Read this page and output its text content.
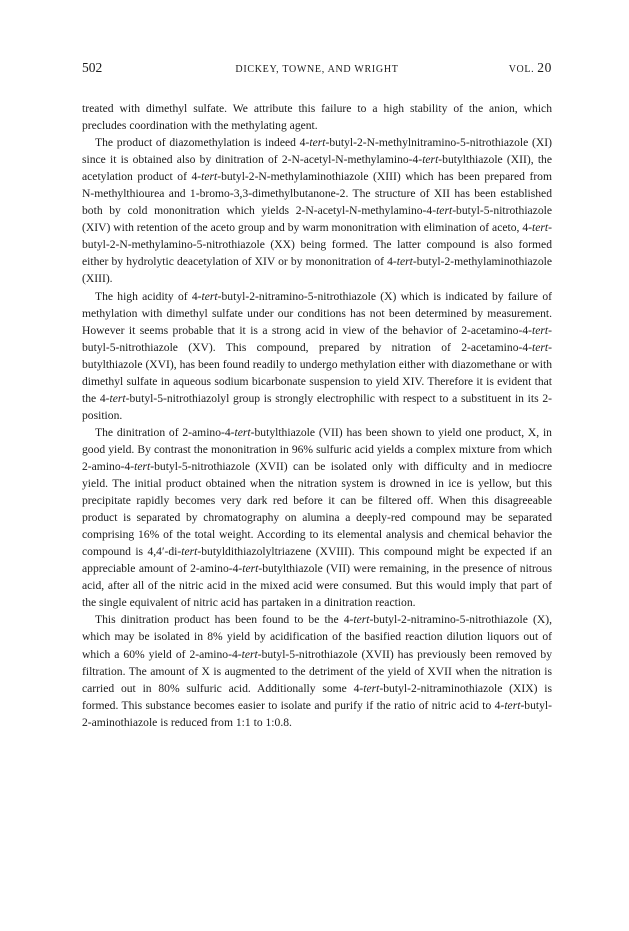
502	DICKEY, TOWNE, AND WRIGHT	VOL. 20

treated with dimethyl sulfate. We attribute this failure to a high stability of the anion, which precludes coordination with the methylating agent.

The product of diazomethylation is indeed 4-tert-butyl-2-N-methylnitramino-5-nitrothiazole (XI) since it is obtained also by dinitration of 2-N-acetyl-N-methylamino-4-tert-butylthiazole (XII), the acetylation product of 4-tert-butyl-2-N-methylaminothiazole (XIII) which has been prepared from N-methylthiourea and 1-bromo-3,3-dimethylbutanone-2. The structure of XII has been established both by cold mononitration which yields 2-N-acetyl-N-methylamino-4-tert-butyl-5-nitrothiazole (XIV) with retention of the aceto group and by warm mononitration with elimination of aceto, 4-tert-butyl-2-N-methylamino-5-nitrothiazole (XX) being formed. The latter compound is also formed either by hydrolytic deacetylation of XIV or by mononitration of 4-tert-butyl-2-methylaminothiazole (XIII).

The high acidity of 4-tert-butyl-2-nitramino-5-nitrothiazole (X) which is indicated by failure of methylation with dimethyl sulfate under our conditions has not been determined by measurement. However it seems probable that it is a strong acid in view of the behavior of 2-acetamino-4-tert-butyl-5-nitrothiazole (XV). This compound, prepared by nitration of 2-acetamino-4-tert-butylthiazole (XVI), has been found readily to undergo methylation either with diazomethane or with dimethyl sulfate in aqueous sodium bicarbonate suspension to yield XIV. Therefore it is evident that the 4-tert-butyl-5-nitrothiazolyl group is strongly electrophilic with respect to a substituent in its 2-position.

The dinitration of 2-amino-4-tert-butylthiazole (VII) has been shown to yield one product, X, in good yield. By contrast the mononitration in 96% sulfuric acid yields a complex mixture from which 2-amino-4-tert-butyl-5-nitrothiazole (XVII) can be isolated only with difficulty and in mediocre yield. The initial product obtained when the nitration system is drowned in ice is yellow, but this precipitate rapidly becomes very dark red before it can be filtered off. When this disagreeable product is separated by chromatography on alumina a deeply-red compound may be separated comprising 16% of the total weight. According to its elemental analysis and chemical behavior the compound is 4,4′-di-tert-butyldithiazolyltriazene (XVIII). This compound might be expected if an appreciable amount of 2-amino-4-tert-butylthiazole (VII) were remaining, in the presence of nitrous acid, after all of the nitric acid in the mixed acid were consumed. But this would imply that part of the single equivalent of nitric acid has partaken in a dinitration reaction.

This dinitration product has been found to be the 4-tert-butyl-2-nitramino-5-nitrothiazole (X), which may be isolated in 8% yield by acidification of the basified reaction dilution liquors out of which a 60% yield of 2-amino-4-tert-butyl-5-nitrothiazole (XVII) has previously been removed by filtration. The amount of X is augmented to the detriment of the yield of XVII when the nitration is carried out in 80% sulfuric acid. Additionally some 4-tert-butyl-2-nitraminothiazole (XIX) is formed. This substance becomes easier to isolate and purify if the ratio of nitric acid to 4-tert-butyl-2-aminothiazole is reduced from 1:1 to 1:0.8.
